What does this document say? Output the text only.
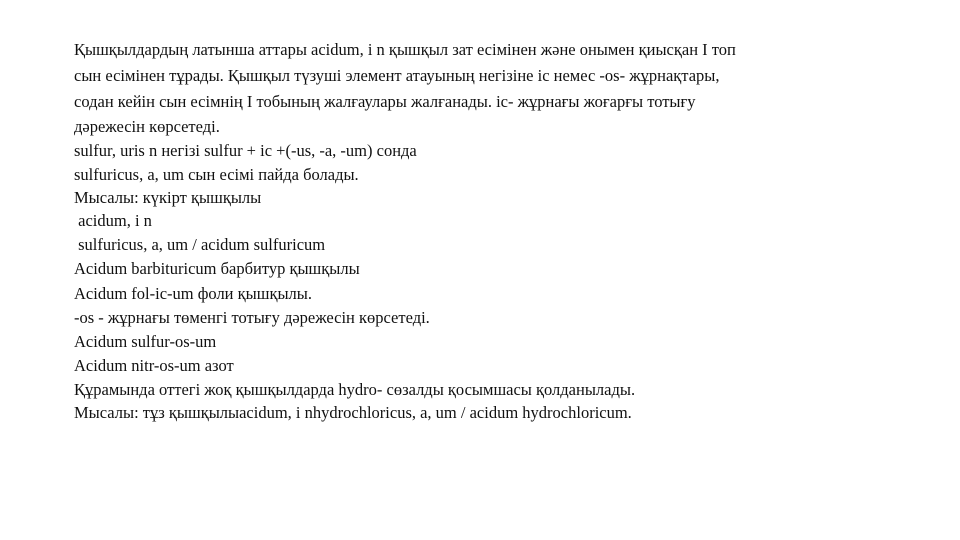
Қышқылдардың латынша аттары acidum, i n қышқыл зат есімінен және онымен қиысқан I топ
сын есімінен тұрады. Қышқыл түзуші элемент атауының негізіне ic немес -os- жұрнақтары,
содан кейін сын есімнің I тобының жалғаулары жалғанады. ic- жұрнағы жоғарғы тотығу
дәрежесін көрсетеді.
sulfur, uris n негізі sulfur + ic +(-us, -a, -um) сонда
sulfuricus, a, um сын есімі пайда болады.
Мысалы: күкірт қышқылы
acidum, i n
sulfuricus, a, um / acidum sulfuricum
Acidum barbituricum барбитур қышқылы
Acidum fol-ic-um фоли қышқылы.
-os - жұрнағы төменгі тотығу дәрежесін көрсетеді.
Acidum sulfur-os-um
Acidum nitr-os-um азот
Құрамында оттегі жоқ қышқылдарда hydro- сөзалды қосымшасы қолданылады.
Мысалы: тұз қышқылыacidum, i nhydrochloricus, a, um / acidum hydrochloricum.
